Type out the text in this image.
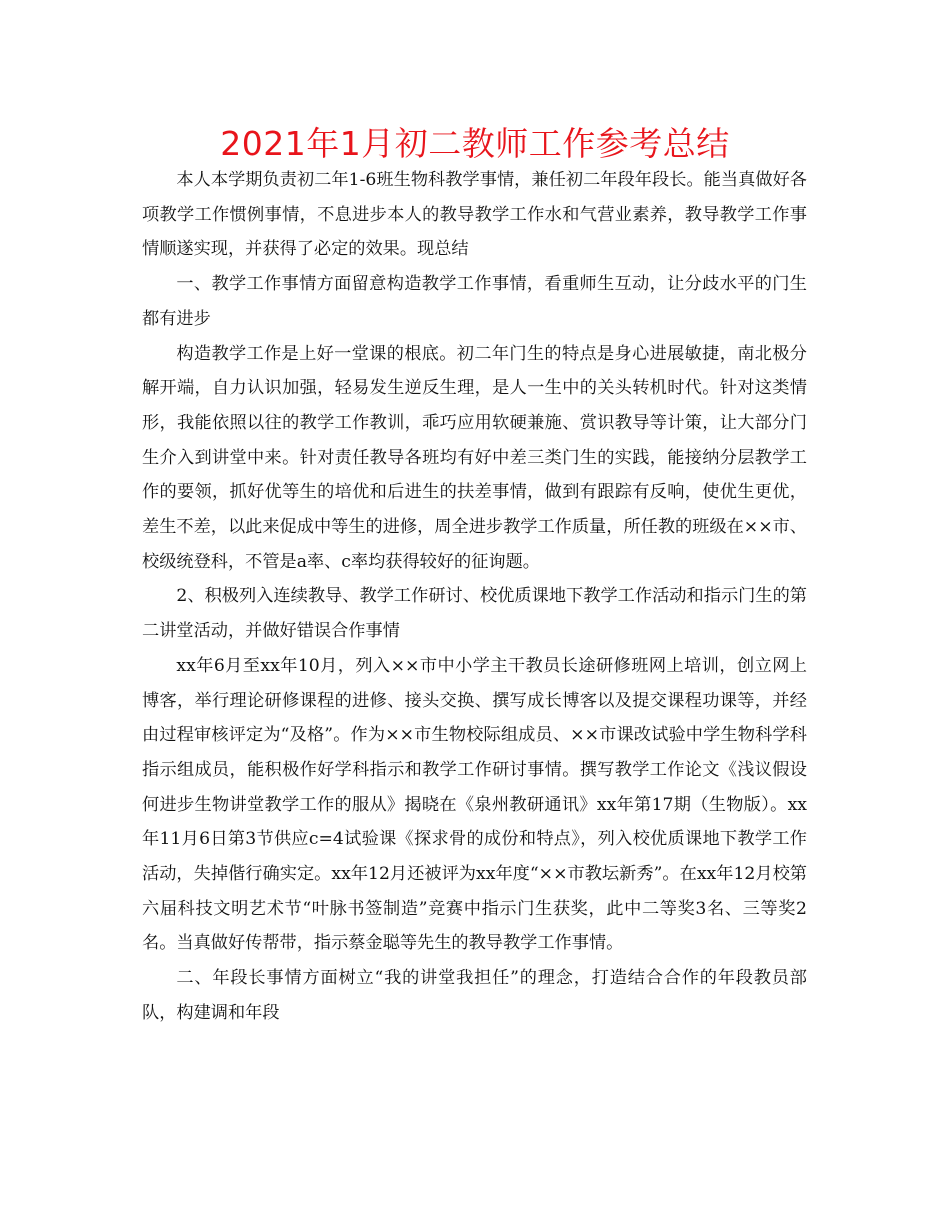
2021年1月初二教师工作参考总结

本人本学期负责初二年1-6班生物科教学事情，兼任初二年段年段长。能当真做好各项教学工作惯例事情，不息进步本人的教导教学工作水和气营业素养，教导教学工作事情顺遂实现，并获得了必定的效果。现总结

一、教学工作事情方面留意构造教学工作事情，看重师生互动，让分歧水平的门生都有进步

构造教学工作是上好一堂课的根底。初二年门生的特点是身心进展敏捷，南北极分解开端，自力认识加强，轻易发生逆反生理，是人一生中的关头转机时代。针对这类情形，我能依照以往的教学工作教训，乖巧应用软硬兼施、赏识教导等计策，让大部分门生介入到讲堂中来。针对责任教导各班均有好中差三类门生的实践，能接纳分层教学工作的要领，抓好优等生的培优和后进生的扶差事情，做到有跟踪有反响，使优生更优，差生不差，以此来促成中等生的进修，周全进步教学工作质量，所任教的班级在××市、校级统登科，不管是a率、c率均获得较好的征询题。

2、积极列入连续教导、教学工作研讨、校优质课地下教学工作活动和指示门生的第二讲堂活动，并做好错误合作事情

xx年6月至xx年10月，列入××市中小学主干教员长途研修班网上培训，创立网上博客，举行理论研修课程的进修、接头交换、撰写成长博客以及提交课程功课等，并经由过程审核评定为“及格”。作为××市生物校际组成员、××市课改试验中学生物科学科指示组成员，能积极作好学科指示和教学工作研讨事情。撰写教学工作论文《浅议假设何进步生物讲堂教学工作的服从》揭晓在《泉州教研通讯》xx年第17期（生物版）。xx年11月6日第3节供应c=4试验课《探求骨的成份和特点》，列入校优质课地下教学工作活动，失掉偕行确实定。xx年12月还被评为xx年度“××市教坛新秀”。在xx年12月校第六届科技文明艺术节“叶脉书签制造”竞赛中指示门生获奖，此中二等奖3名、三等奖2名。当真做好传帮带，指示蔡金聪等先生的教导教学工作事情。

二、年段长事情方面树立“我的讲堂我担任”的理念，打造结合合作的年段教员部队，构建调和年段
